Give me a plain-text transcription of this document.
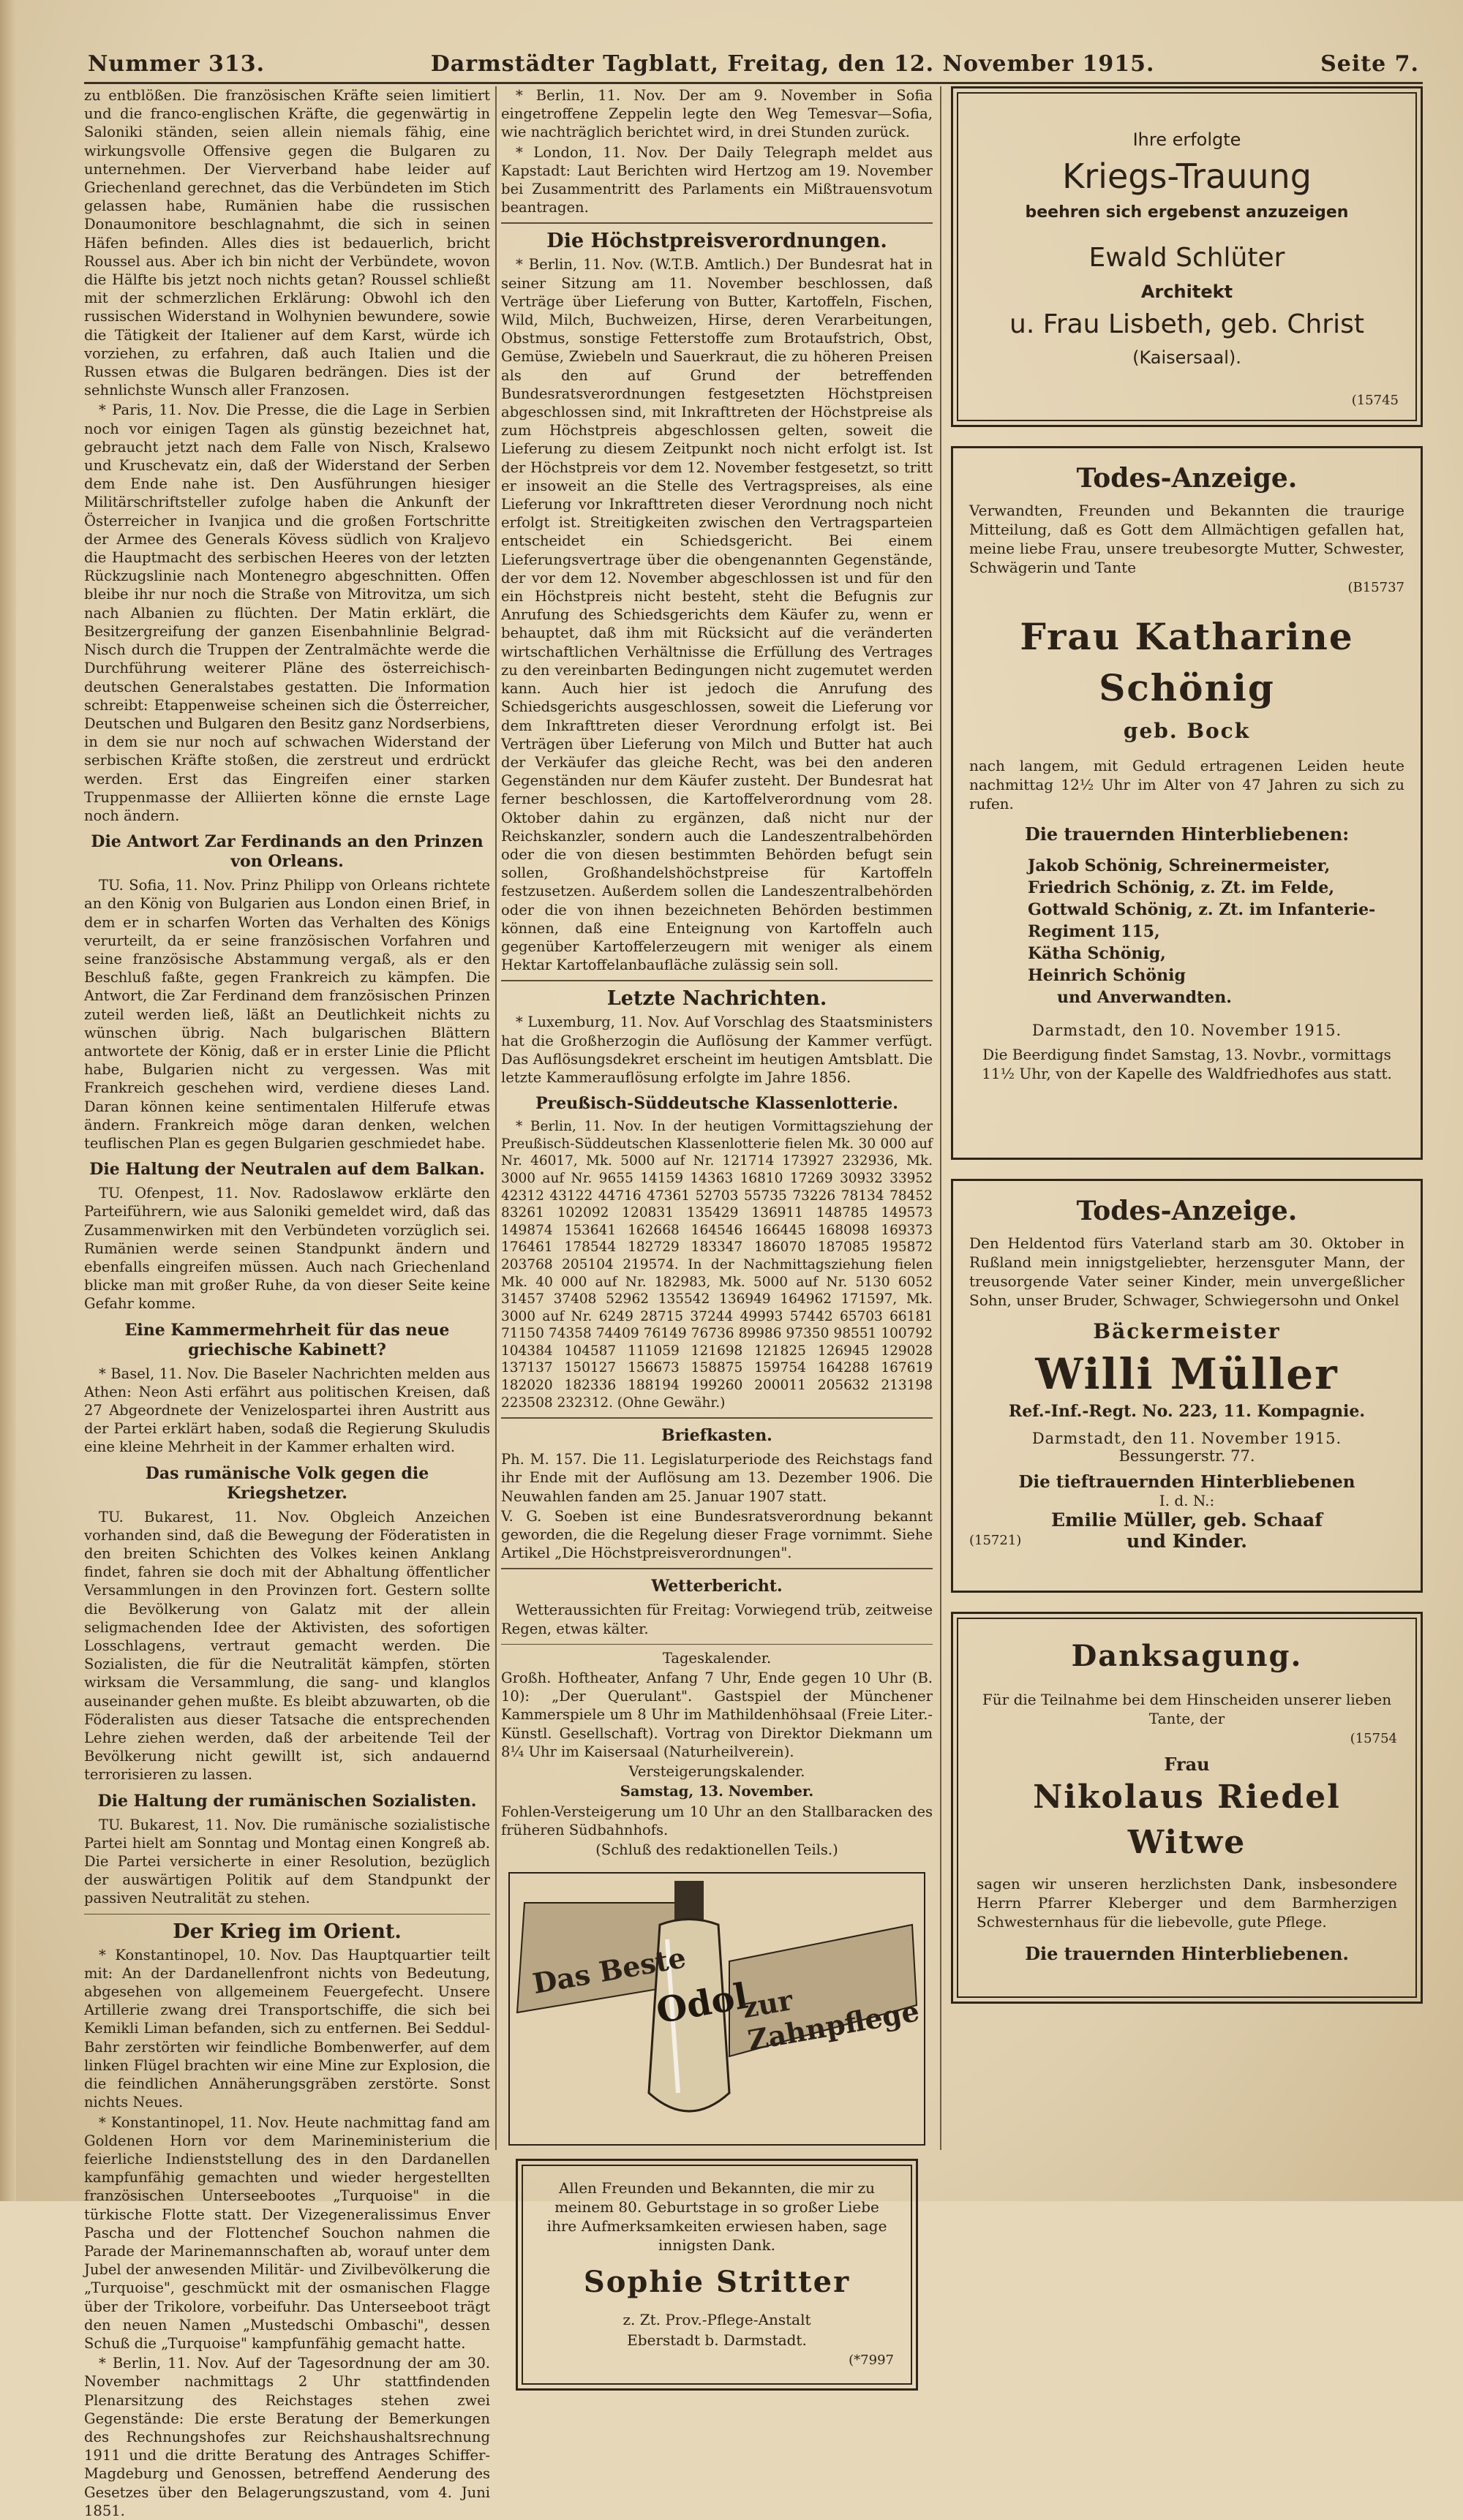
Nummer 313.	Darmstädter Tagblatt, Freitag, den 12. November 1915.	Seite 7.

zu entblößen. Die französischen Kräfte seien limitiert und die franco-englischen Kräfte, die gegenwärtig in Saloniki ständen, seien allein niemals fähig, eine wirkungsvolle Offensive gegen die Bulgaren zu unternehmen. Der Vierverband habe leider auf Griechenland gerechnet, das die Verbündeten im Stich gelassen habe, Rumänien habe die russischen Donaumonitore beschlagnahmt, die sich in seinen Häfen befinden. Alles dies ist bedauerlich, bricht Roussel aus. Aber ich bin nicht der Verbündete, wovon die Hälfte bis jetzt noch nichts getan? Roussel schließt mit der schmerzlichen Erklärung: Obwohl ich den russischen Widerstand in Wolhynien bewundere, sowie die Tätigkeit der Italiener auf dem Karst, würde ich vorziehen, zu erfahren, daß auch Italien und die Russen etwas die Bulgaren bedrängen. Dies ist der sehnlichste Wunsch aller Franzosen.

* Paris, 11. Nov. Die Presse, die die Lage in Serbien noch vor einigen Tagen als günstig bezeichnet hat, gebraucht jetzt nach dem Falle von Nisch, Kralsewo und Kruschevatz ein, daß der Widerstand der Serben dem Ende nahe ist. Den Ausführungen hiesiger Militärschriftsteller zufolge haben die Ankunft der Österreicher in Ivanjica und die großen Fortschritte der Armee des Generals Kövess südlich von Kraljevo die Hauptmacht des serbischen Heeres von der letzten Rückzugslinie nach Montenegro abgeschnitten. Offen bleibe ihr nur noch die Straße von Mitrovitza, um sich nach Albanien zu flüchten. Der Matin erklärt, die Besitzergreifung der ganzen Eisenbahnlinie Belgrad-Nisch durch die Truppen der Zentralmächte werde die Durchführung weiterer Pläne des österreichisch-deutschen Generalstabes gestatten. Die Information schreibt: Etappenweise scheinen sich die Österreicher, Deutschen und Bulgaren den Besitz ganz Nordserbiens, in dem sie nur noch auf schwachen Widerstand der serbischen Kräfte stoßen, die zerstreut und erdrückt werden. Erst das Eingreifen einer starken Truppenmasse der Alliierten könne die ernste Lage noch ändern.

Die Antwort Zar Ferdinands an den Prinzen von Orleans.

TU. Sofia, 11. Nov. Prinz Philipp von Orleans richtete an den König von Bulgarien aus London einen Brief, in dem er in scharfen Worten das Verhalten des Königs verurteilt, da er seine französischen Vorfahren und seine französische Abstammung vergaß, als er den Beschluß faßte, gegen Frankreich zu kämpfen. Die Antwort, die Zar Ferdinand dem französischen Prinzen zuteil werden ließ, läßt an Deutlichkeit nichts zu wünschen übrig. Nach bulgarischen Blättern antwortete der König, daß er in erster Linie die Pflicht habe, Bulgarien nicht zu vergessen. Was mit Frankreich geschehen wird, verdiene dieses Land. Daran können keine sentimentalen Hilferufe etwas ändern. Frankreich möge daran denken, welchen teuflischen Plan es gegen Bulgarien geschmiedet habe.

Die Haltung der Neutralen auf dem Balkan.

TU. Ofenpest, 11. Nov. Radoslawow erklärte den Parteiführern, wie aus Saloniki gemeldet wird, daß das Zusammenwirken mit den Verbündeten vorzüglich sei. Rumänien werde seinen Standpunkt ändern und ebenfalls eingreifen müssen. Auch nach Griechenland blicke man mit großer Ruhe, da von dieser Seite keine Gefahr komme.

Eine Kammermehrheit für das neue griechische Kabinett?

* Basel, 11. Nov. Die Baseler Nachrichten melden aus Athen: Neon Asti erfährt aus politischen Kreisen, daß 27 Abgeordnete der Venizelospartei ihren Austritt aus der Partei erklärt haben, sodaß die Regierung Skuludis eine kleine Mehrheit in der Kammer erhalten wird.

Das rumänische Volk gegen die Kriegshetzer.

TU. Bukarest, 11. Nov. Obgleich Anzeichen vorhanden sind, daß die Bewegung der Föderatisten in den breiten Schichten des Volkes keinen Anklang findet, fahren sie doch mit der Abhaltung öffentlicher Versammlungen in den Provinzen fort. Gestern sollte die Bevölkerung von Galatz mit der allein seligmachenden Idee der Aktivisten, des sofortigen Losschlagens, vertraut gemacht werden. Die Sozialisten, die für die Neutralität kämpfen, störten wirksam die Versammlung, die sang- und klanglos auseinander gehen mußte. Es bleibt abzuwarten, ob die Föderalisten aus dieser Tatsache die entsprechenden Lehre ziehen werden, daß der arbeitende Teil der Bevölkerung nicht gewillt ist, sich andauernd terrorisieren zu lassen.

Die Haltung der rumänischen Sozialisten.

TU. Bukarest, 11. Nov. Die rumänische sozialistische Partei hielt am Sonntag und Montag einen Kongreß ab. Die Partei versicherte in einer Resolution, bezüglich der auswärtigen Politik auf dem Standpunkt der passiven Neutralität zu stehen.

Der Krieg im Orient.

* Konstantinopel, 10. Nov. Das Hauptquartier teilt mit: An der Dardanellenfront nichts von Bedeutung, abgesehen von allgemeinem Feuergefecht. Unsere Artillerie zwang drei Transportschiffe, die sich bei Kemikli Liman befanden, sich zu entfernen. Bei Seddul-Bahr zerstörten wir feindliche Bombenwerfer, auf dem linken Flügel brachten wir eine Mine zur Explosion, die die feindlichen Annäherungsgräben zerstörte. Sonst nichts Neues.

* Konstantinopel, 11. Nov. Heute nachmittag fand am Goldenen Horn vor dem Marineministerium die feierliche Indienststellung des in den Dardanellen kampfunfähig gemachten und wieder hergestellten französischen Unterseebootes „Turquoise" in die türkische Flotte statt. Der Vizegeneralissimus Enver Pascha und der Flottenchef Souchon nahmen die Parade der Marinemannschaften ab, worauf unter dem Jubel der anwesenden Militär- und Zivilbevölkerung die „Turquoise", geschmückt mit der osmanischen Flagge über der Trikolore, vorbeifuhr. Das Unterseeboot trägt den neuen Namen „Mustedschi Ombaschi", dessen Schuß die „Turquoise" kampfunfähig gemacht hatte.

* Berlin, 11. Nov. Auf der Tagesordnung der am 30. November nachmittags 2 Uhr stattfindenden Plenarsitzung des Reichstages stehen zwei Gegenstände: Die erste Beratung der Bemerkungen des Rechnungshofes zur Reichshaushaltsrechnung 1911 und die dritte Beratung des Antrages Schiffer-Magdeburg und Genossen, betreffend Aenderung des Gesetzes über den Belagerungszustand, vom 4. Juni 1851.

* Berlin, 11. Nov. Der am 9. November in Sofia eingetroffene Zeppelin legte den Weg Temesvar—Sofia, wie nachträglich berichtet wird, in drei Stunden zurück.

* London, 11. Nov. Der Daily Telegraph meldet aus Kapstadt: Laut Berichten wird Hertzog am 19. November bei Zusammentritt des Parlaments ein Mißtrauensvotum beantragen.

Die Höchstpreisverordnungen.

* Berlin, 11. Nov. (W.T.B. Amtlich.) Der Bundesrat hat in seiner Sitzung am 11. November beschlossen, daß Verträge über Lieferung von Butter, Kartoffeln, Fischen, Wild, Milch, Buchweizen, Hirse, deren Verarbeitungen, Obstmus, sonstige Fetterstoffe zum Brotaufstrich, Obst, Gemüse, Zwiebeln und Sauerkraut, die zu höheren Preisen als den auf Grund der betreffenden Bundesratsverordnungen festgesetzten Höchstpreisen abgeschlossen sind, mit Inkrafttreten der Höchstpreise als zum Höchstpreis abgeschlossen gelten, soweit die Lieferung zu diesem Zeitpunkt noch nicht erfolgt ist. Ist der Höchstpreis vor dem 12. November festgesetzt, so tritt er insoweit an die Stelle des Vertragspreises, als eine Lieferung vor Inkrafttreten dieser Verordnung noch nicht erfolgt ist. Streitigkeiten zwischen den Vertragsparteien entscheidet ein Schiedsgericht. Bei einem Lieferungsvertrage über die obengenannten Gegenstände, der vor dem 12. November abgeschlossen ist und für den ein Höchstpreis nicht besteht, steht die Befugnis zur Anrufung des Schiedsgerichts dem Käufer zu, wenn er behauptet, daß ihm mit Rücksicht auf die veränderten wirtschaftlichen Verhältnisse die Erfüllung des Vertrages zu den vereinbarten Bedingungen nicht zugemutet werden kann. Auch hier ist jedoch die Anrufung des Schiedsgerichts ausgeschlossen, soweit die Lieferung vor dem Inkrafttreten dieser Verordnung erfolgt ist. Bei Verträgen über Lieferung von Milch und Butter hat auch der Verkäufer das gleiche Recht, was bei den anderen Gegenständen nur dem Käufer zusteht. Der Bundesrat hat ferner beschlossen, die Kartoffelverordnung vom 28. Oktober dahin zu ergänzen, daß nicht nur der Reichskanzler, sondern auch die Landeszentralbehörden oder die von diesen bestimmten Behörden befugt sein sollen, Großhandelshöchstpreise für Kartoffeln festzusetzen. Außerdem sollen die Landeszentralbehörden oder die von ihnen bezeichneten Behörden bestimmen können, daß eine Enteignung von Kartoffeln auch gegenüber Kartoffelerzeugern mit weniger als einem Hektar Kartoffelanbaufläche zulässig sein soll.

Letzte Nachrichten.

* Luxemburg, 11. Nov. Auf Vorschlag des Staatsministers hat die Großherzogin die Auflösung der Kammer verfügt. Das Auflösungsdekret erscheint im heutigen Amtsblatt. Die letzte Kammerauflösung erfolgte im Jahre 1856.

Preußisch-Süddeutsche Klassenlotterie.

* Berlin, 11. Nov. In der heutigen Vormittagsziehung der Preußisch-Süddeutschen Klassenlotterie fielen Mk. 30 000 auf Nr. 46017, Mk. 5000 auf Nr. 121714 173927 232936, Mk. 3000 auf Nr. 9655 14159 14363 16810 17269 30932 33952 42312 43122 44716 47361 52703 55735 73226 78134 78452 83261 102092 120831 135429 136911 148785 149573 149874 153641 162668 164546 166445 168098 169373 176461 178544 182729 183347 186070 187085 195872 203768 205104 219574. In der Nachmittagsziehung fielen Mk. 40 000 auf Nr. 182983, Mk. 5000 auf Nr. 5130 6052 31457 37408 52962 135542 136949 164962 171597, Mk. 3000 auf Nr. 6249 28715 37244 49993 57442 65703 66181 71150 74358 74409 76149 76736 89986 97350 98551 100792 104384 104587 111059 121698 121825 126945 129028 137137 150127 156673 158875 159754 164288 167619 182020 182336 188194 199260 200011 205632 213198 223508 232312. (Ohne Gewähr.)

Briefkasten.

Ph. M. 157. Die 11. Legislaturperiode des Reichstags fand ihr Ende mit der Auflösung am 13. Dezember 1906. Die Neuwahlen fanden am 25. Januar 1907 statt.

V. G. Soeben ist eine Bundesratsverordnung bekannt geworden, die die Regelung dieser Frage vornimmt. Siehe Artikel „Die Höchstpreisverordnungen".

Wetterbericht.

Wetteraussichten für Freitag: Vorwiegend trüb, zeitweise Regen, etwas kälter.

Tageskalender.

Großh. Hoftheater, Anfang 7 Uhr, Ende gegen 10 Uhr (B. 10): „Der Querulant". Gastspiel der Münchener Kammerspiele um 8 Uhr im Mathildenhöhsaal (Freie Liter.-Künstl. Gesellschaft). Vortrag von Direktor Diekmann um 8¼ Uhr im Kaisersaal (Naturheilverein).

Versteigerungskalender.

Samstag, 13. November.

Fohlen-Versteigerung um 10 Uhr an den Stallbaracken des früheren Südbahnhofs.

(Schluß des redaktionellen Teils.)

Das Beste
Odol
zur Zahnpflege

Allen Freunden und Bekannten, die mir zu meinem 80. Geburtstage in so großer Liebe ihre Aufmerksamkeiten erwiesen haben, sage innigsten Dank.

Sophie Stritter

z. Zt. Prov.-Pflege-Anstalt

Eberstadt b. Darmstadt.

(*7997

Ihre erfolgte
Kriegs-Trauung
beehren sich ergebenst anzuzeigen
Ewald Schlüter
Architekt
u. Frau Lisbeth, geb. Christ
(Kaisersaal).

(15745

Todes-Anzeige.

Verwandten, Freunden und Bekannten die traurige Mitteilung, daß es Gott dem Allmächtigen gefallen hat, meine liebe Frau, unsere treubesorgte Mutter, Schwester, Schwägerin und Tante

(B15737

Frau Katharine Schönig
geb. Bock

nach langem, mit Geduld ertragenen Leiden heute nachmittag 12½ Uhr im Alter von 47 Jahren zu sich zu rufen.

Die trauernden Hinterbliebenen:
Jakob Schönig, Schreinermeister,
Friedrich Schönig, z. Zt. im Felde,
Gottwald Schönig, z. Zt. im Infanterie-Regiment 115,
Kätha Schönig,
Heinrich Schönig
und Anverwandten.
Darmstadt, den 10. November 1915.

Die Beerdigung findet Samstag, 13. Novbr., vormittags 11½ Uhr, von der Kapelle des Waldfriedhofes aus statt.

Todes-Anzeige.

Den Heldentod fürs Vaterland starb am 30. Oktober in Rußland mein innigstgeliebter, herzensguter Mann, der treusorgende Vater seiner Kinder, mein unvergeßlicher Sohn, unser Bruder, Schwager, Schwiegersohn und Onkel

Bäckermeister
Willi Müller
Ref.-Inf.-Regt. No. 223, 11. Kompagnie.
Darmstadt, den 11. November 1915.
Bessungerstr. 77.
Die tieftrauernden Hinterbliebenen
I. d. N.:
Emilie Müller, geb. Schaaf
und Kinder.

(15721)

Danksagung.

Für die Teilnahme bei dem Hinscheiden unserer lieben Tante, der

(15754

Frau
Nikolaus Riedel Witwe

sagen wir unseren herzlichsten Dank, insbesondere Herrn Pfarrer Kleberger und dem Barmherzigen Schwesternhaus für die liebevolle, gute Pflege.

Die trauernden Hinterbliebenen.
